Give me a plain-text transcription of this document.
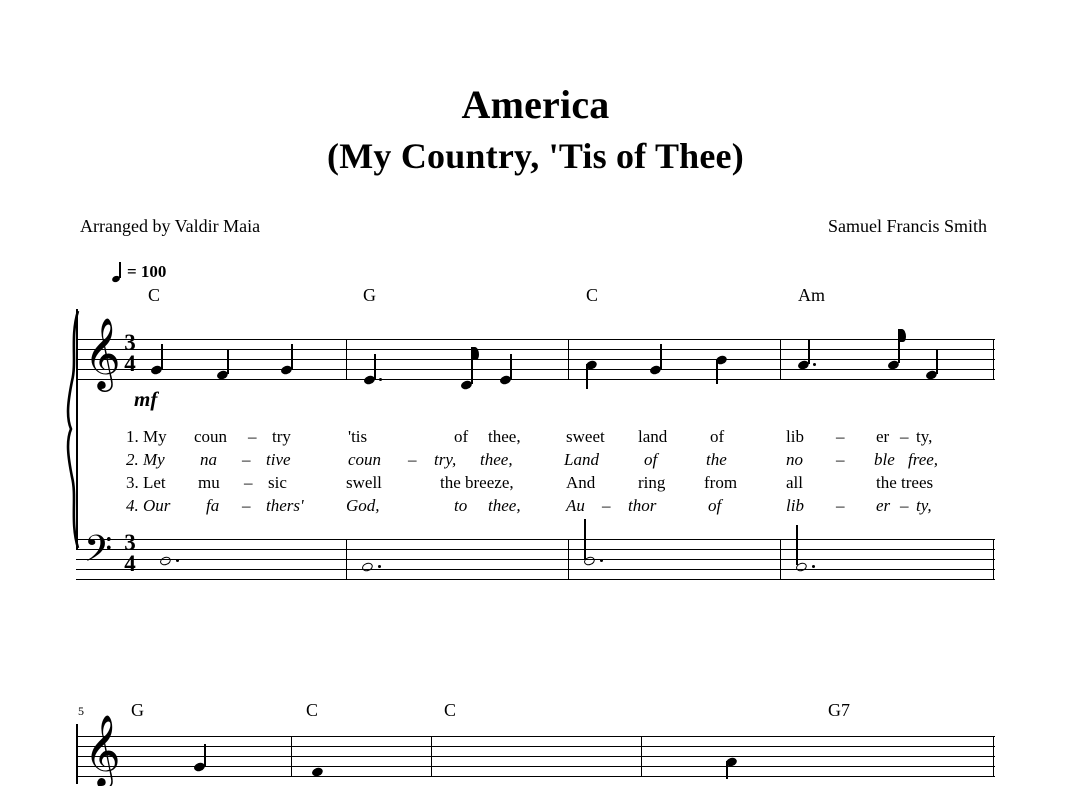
America
(My Country, 'Tis of Thee)
Arranged by Valdir Maia	Samuel Francis Smith
= 100
C	G	C	Am
𝄞 3
4
mf
1. My coun – try	'tis	of thee,	sweet land	of	lib – er – ty,
2. My na – tive	coun – try, thee,	Land	of	the	no – ble free,
3. Let mu – sic	swell	the breeze,	And	ring from	all	the trees
4. Our fa – thers' God,	to thee,	Au – thor	of	lib – er – ty,
𝄢 3
4
5	G	C	C	G7
𝄞
